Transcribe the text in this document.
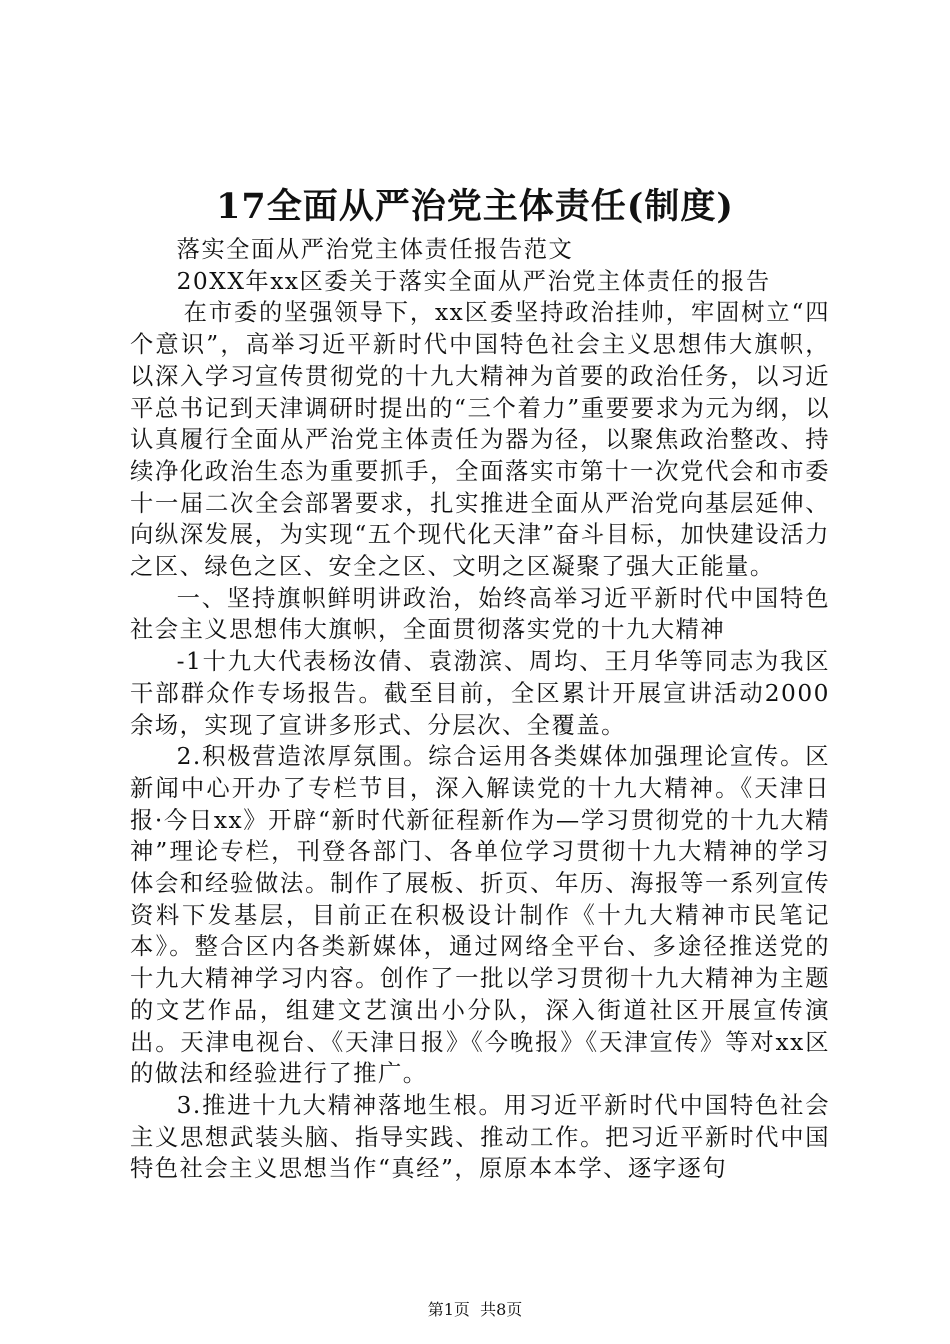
17全面从严治党主体责任(制度)

落实全面从严治党主体责任报告范文

20XX年xx区委关于落实全面从严治党主体责任的报告

在市委的坚强领导下，xx区委坚持政治挂帅，牢固树立“四个意识”，高举习近平新时代中国特色社会主义思想伟大旗帜，以深入学习宣传贯彻党的十九大精神为首要的政治任务，以习近平总书记到天津调研时提出的“三个着力”重要要求为元为纲，以认真履行全面从严治党主体责任为器为径，以聚焦政治整改、持续净化政治生态为重要抓手，全面落实市第十一次党代会和市委十一届二次全会部署要求，扎实推进全面从严治党向基层延伸、向纵深发展，为实现“五个现代化天津”奋斗目标，加快建设活力之区、绿色之区、安全之区、文明之区凝聚了强大正能量。

一、坚持旗帜鲜明讲政治，始终高举习近平新时代中国特色社会主义思想伟大旗帜，全面贯彻落实党的十九大精神

-1十九大代表杨汝倩、袁渤滨、周均、王月华等同志为我区干部群众作专场报告。截至目前，全区累计开展宣讲活动2000余场，实现了宣讲多形式、分层次、全覆盖。

2.积极营造浓厚氛围。综合运用各类媒体加强理论宣传。区新闻中心开办了专栏节目，深入解读党的十九大精神。《天津日报·今日xx》开辟“新时代新征程新作为—学习贯彻党的十九大精神”理论专栏，刊登各部门、各单位学习贯彻十九大精神的学习体会和经验做法。制作了展板、折页、年历、海报等一系列宣传资料下发基层，目前正在积极设计制作《十九大精神市民笔记本》。整合区内各类新媒体，通过网络全平台、多途径推送党的十九大精神学习内容。创作了一批以学习贯彻十九大精神为主题的文艺作品，组建文艺演出小分队，深入街道社区开展宣传演出。天津电视台、《天津日报》《今晚报》《天津宣传》等对xx区的做法和经验进行了推广。

3.推进十九大精神落地生根。用习近平新时代中国特色社会主义思想武装头脑、指导实践、推动工作。把习近平新时代中国特色社会主义思想当作“真经”，原原本本学、逐字逐句

第1页  共8页
